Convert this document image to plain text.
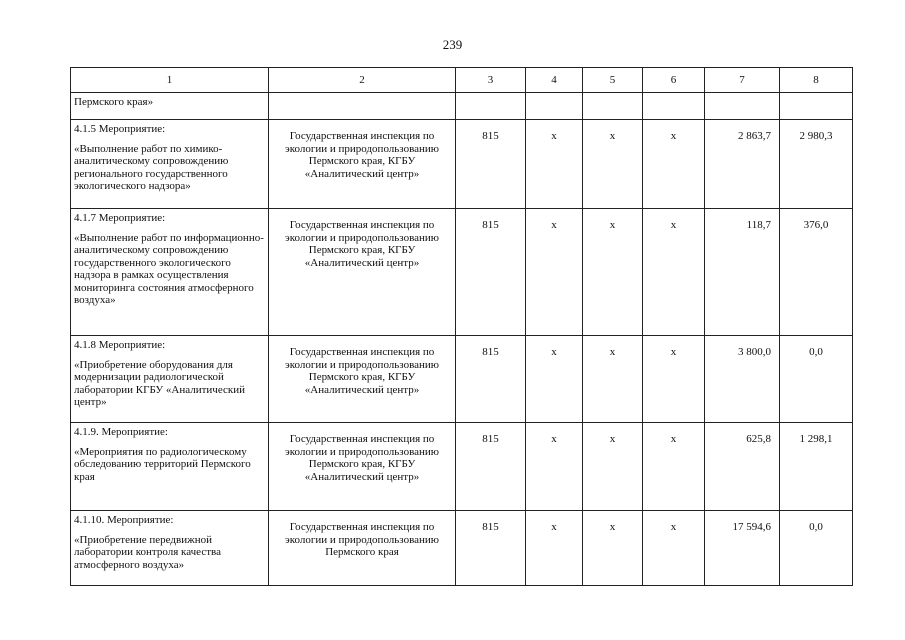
239
1	2	3	4	5	6	7	8
Пермского края»							

4.1.5 Мероприятие:
«Выполнение работ по химико-аналитическому сопровождению регионального государственного экологического надзора»	Государственная инспекция по экологии и природопользованию Пермского края, КГБУ «Аналитический центр»	815	х	х	х	2 863,7	2 980,3

4.1.7 Мероприятие:
«Выполнение работ по информационно-аналитическому сопровождению государственного экологического надзора в рамках осуществления мониторинга состояния атмосферного воздуха»	Государственная инспекция по экологии и природопользованию Пермского края, КГБУ «Аналитический центр»	815	х	х	х	118,7	376,0

4.1.8 Мероприятие:
«Приобретение оборудования для модернизации радиологической лаборатории КГБУ «Аналитический центр»	Государственная инспекция по экологии и природопользованию Пермского края, КГБУ «Аналитический центр»	815	х	х	х	3 800,0	0,0

4.1.9. Мероприятие:
«Мероприятия по радиологическому обследованию территорий Пермского края	Государственная инспекция по экологии и природопользованию Пермского края, КГБУ «Аналитический центр»	815	х	х	х	625,8	1 298,1

4.1.10. Мероприятие:
«Приобретение передвижной лаборатории контроля качества атмосферного воздуха»	Государственная инспекция по экологии и природопользованию Пермского края	815	х	х	х	17 594,6	0,0
